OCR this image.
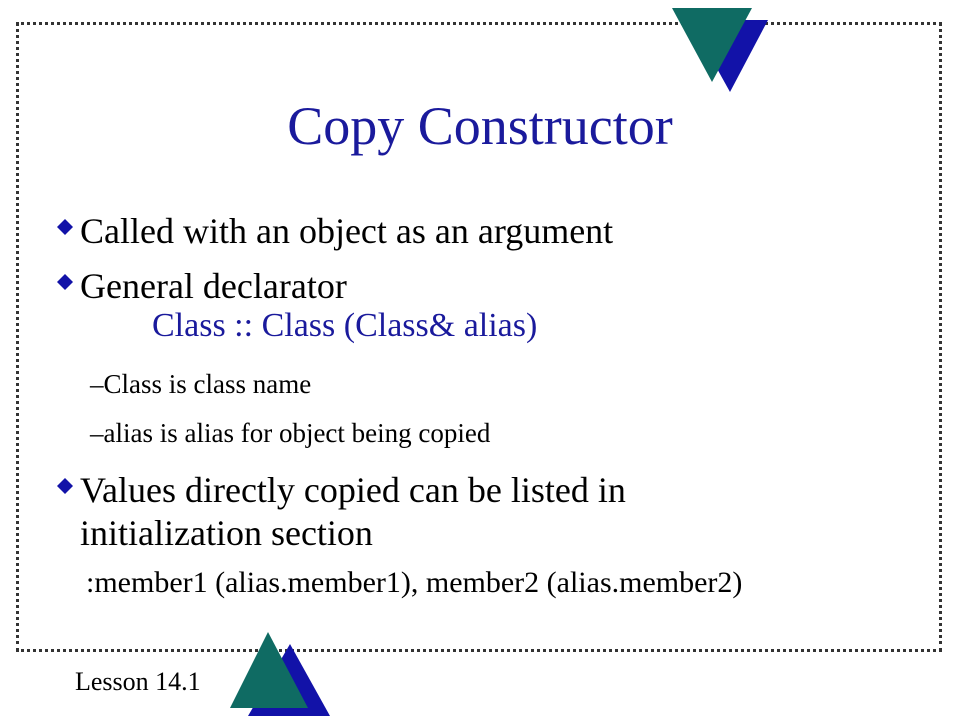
Copy Constructor
Called with an object as an argument
General declarator
Class :: Class (Class& alias)
–Class is class name
–alias is alias for object being copied
Values directly copied can be listed in
initialization section
:member1 (alias.member1), member2 (alias.member2)
Lesson 14.1
